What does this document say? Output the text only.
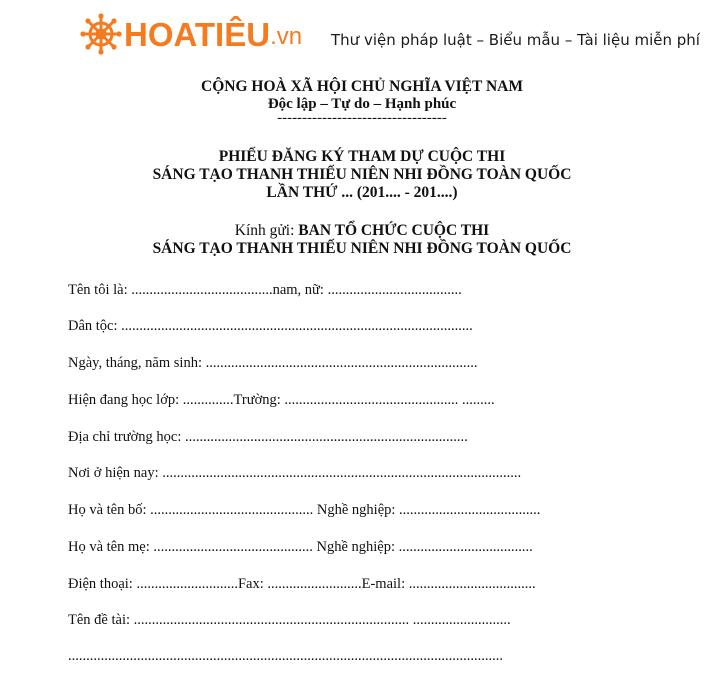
HOATIÊU .vn Thư viện pháp luật – Biểu mẫu – Tài liệu miễn phí
CỘNG HOÀ XÃ HỘI CHỦ NGHĨA VIỆT NAM
Độc lập – Tự do – Hạnh phúc
----------------------------------
PHIẾU ĐĂNG KÝ THAM DỰ CUỘC THI
SÁNG TẠO THANH THIẾU NIÊN NHI ĐỒNG TOÀN QUỐC
LẦN THỨ ... (201.... - 201....)
Kính gửi: BAN TỔ CHỨC CUỘC THI
SÁNG TẠO THANH THIẾU NIÊN NHI ĐỒNG TOÀN QUỐC
Tên tôi là: .......................................nam, nữ: .....................................
Dân tộc: .................................................................................................
Ngày, tháng, năm sinh: ...........................................................................
Hiện đang học lớp: ..............Trường: ................................................ .........
Địa chỉ trường học: ..............................................................................
Nơi ở hiện nay: ...................................................................................................
Họ và tên bố: ............................................. Nghề nghiệp: .......................................
Họ và tên mẹ: ............................................ Nghề nghiệp: .....................................
Điện thoại: ............................Fax: ..........................E-mail: ...................................
Tên đề tài: ............................................................................ ...........................
........................................................................................................................
